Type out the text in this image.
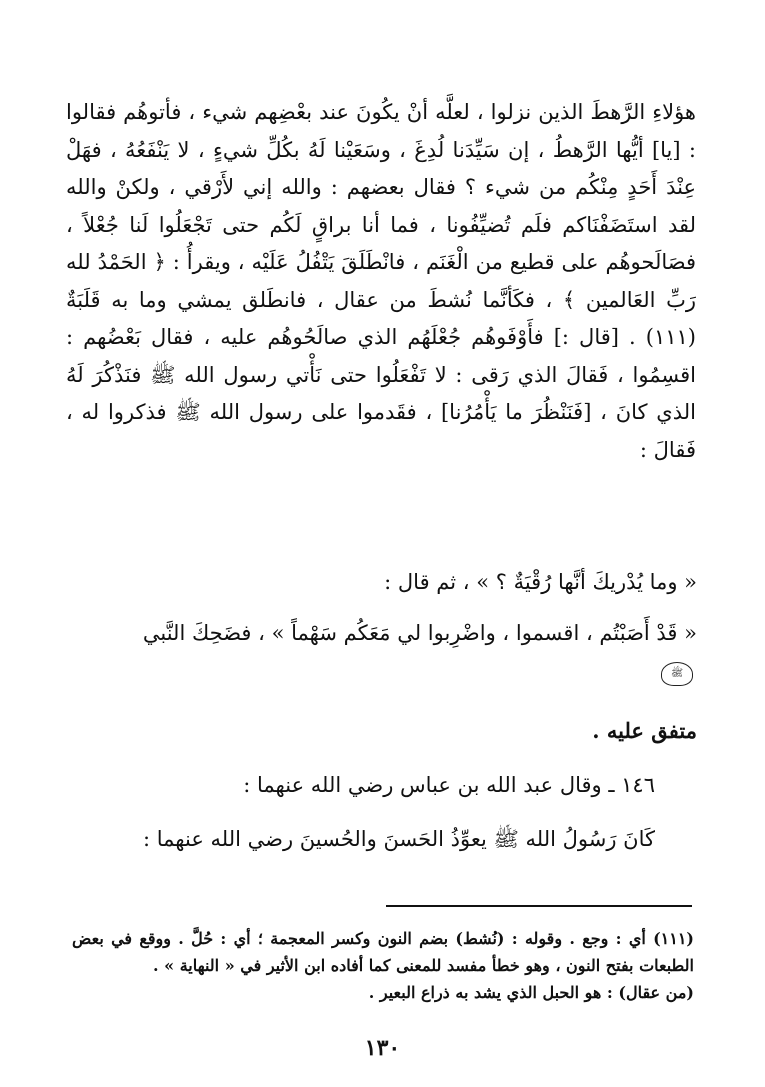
هؤلاءِ الرَّهطَ الذين نزلوا ، لعلَّه أنْ يكُونَ عند بعْضِهم شيء ، فأتوهُم فقالوا : [يا] أيُّها الرَّهطُ ، إن سَيِّدَنا لُدِغَ ، وسَعَيْنا لَهُ بكُلِّ شيءٍ ، لا يَنْفَعُهُ ، فهَلْ عِنْدَ أَحَدٍ مِنْكُم من شيء ؟ فقال بعضهم : والله إني لأَرْقي ، ولكنْ والله لقد استَضَفْنَاكم فلَم تُضيِّفُونا ، فما أنا براقٍ لَكُم حتى تَجْعَلُوا لَنا جُعْلاً ، فصَالَحوهُم على قطيع من الْغَنَم ، فانْطَلَقَ يَتْفُلُ عَلَيْه ، ويقرأُ : ﴿ الحَمْدُ لله رَبِّ العَالمين ﴾ ، فكَأنَّما نُشطَ من عقال ، فانطَلق يمشي وما به قَلَبَةٌ (١١١) . [قال :] فأَوْفَوهُم جُعْلَهُم الذي صالَحُوهُم عليه ، فقال بَعْضُهم : اقسِمُوا ، فَقالَ الذي رَقى : لا تَفْعَلُوا حتى نَأْتي رسول الله ﷺ فنَذْكُرَ لَهُ الذي كانَ ، [فَنَنْظُرَ ما يَأْمُرُنا] ، فقَدموا على رسول الله ﷺ فذكروا له ، فَقالَ :

« وما يُدْريكَ أنَّها رُقْيَةٌ ؟ » ، ثم قال :
« قَدْ أَصَبْتُم ، اقسموا ، واضْرِبوا لي مَعَكُم سَهْماً » ، فضَحِكَ النَّبي
ﷺ
متفق عليه .
١٤٦ ـ وقال عبد الله بن عباس رضي الله عنهما :
كَانَ رَسُولُ الله ﷺ يعوِّذُ الحَسنَ والحُسينَ رضي الله عنهما :

(١١١) أي : وجع . وقوله : (نُشط) بضم النون وكسر المعجمة ؛ أي : حُلَّ . ووقع في بعض الطبعات بفتح النون ، وهو خطأ مفسد للمعنى كما أفاده ابن الأثير في « النهاية » .

(من عقال) : هو الحبل الذي يشد به ذراع البعير .

١٣٠
